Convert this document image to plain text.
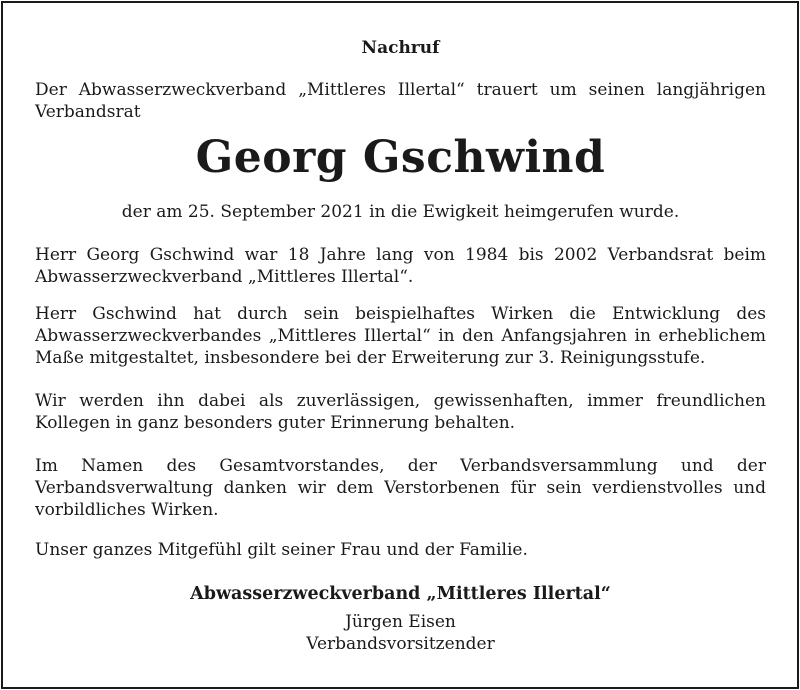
Nachruf
Der Abwasserzweckverband „Mittleres Illertal“ trauert um seinen langjährigen
Verbandsrat
Georg Gschwind
der am 25. September 2021 in die Ewigkeit heimgerufen wurde.
Herr Georg Gschwind war 18 Jahre lang von 1984 bis 2002 Verbandsrat beim Abwasserzweckverband „Mittleres Illertal“.
Herr Gschwind hat durch sein beispielhaftes Wirken die Entwicklung des Abwasserzweckverbandes „Mittleres Illertal“ in den Anfangsjahren in erheblichem Maße mitgestaltet, insbesondere bei der Erweiterung zur 3. Reinigungsstufe.
Wir werden ihn dabei als zuverlässigen, gewissenhaften, immer freundlichen Kollegen in ganz besonders guter Erinnerung behalten.
Im Namen des Gesamtvorstandes, der Verbandsversammlung und der Verbandsverwaltung danken wir dem Verstorbenen für sein verdienstvolles und vorbildliches Wirken.
Unser ganzes Mitgefühl gilt seiner Frau und der Familie.
Abwasserzweckverband „Mittleres Illertal“
Jürgen Eisen
Verbandsvorsitzender
